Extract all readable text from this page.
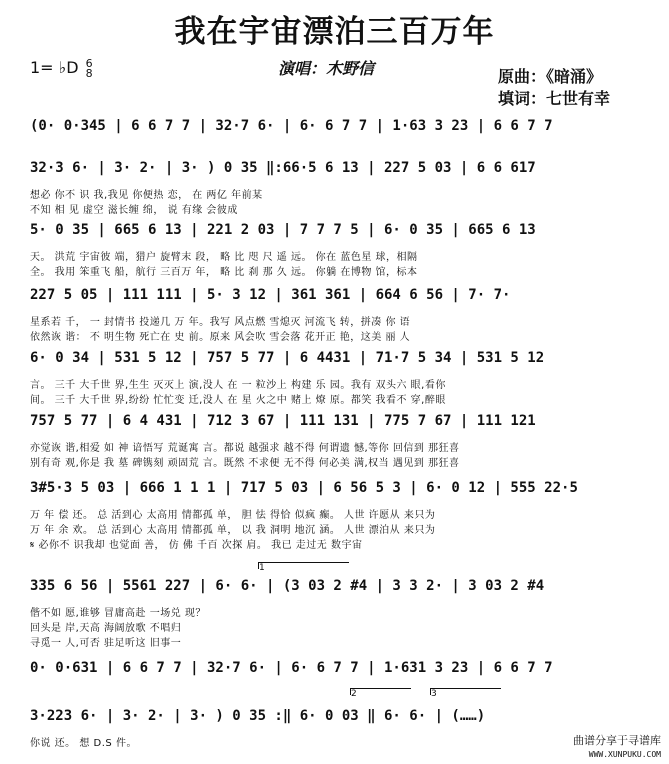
我在宇宙漂泊三百万年
1= ♭D 6
8	演唱：木野信	原曲：《暗涌》
填词：七世有幸
(0· 0·345 | 6 6 7 7 | 32·7 6· | 6· 6 7 7 | 1·63 3 23 | 6 6 7 7
32·3 6· | 3· 2· | 3· ) 0 35 ‖:66·5 6 13 | 227 5 03 | 6 6 617
想必 你不 识 我,我见 你便热 恋， 在 两亿 年前某
不知 相 见 虚空 滋长缠 绵， 说 有缘 会彼成
5· 0 35 | 665 6 13 | 221 2 03 | 7 7 7 5 | 6· 0 35 | 665 6 13
天。 洪荒 宇宙彼 端，猎户 旋臂末 段， 略 比 咫 尺 遥 远。 你在 蓝色星 球，相隔
全。 我用 笨重飞 船，航行 三百万 年， 略 比 刹 那 久 远。 你躺 在博物 馆，标本
227 5 05 | 111 111 | 5· 3 12 | 361 361 | 664 6 56 | 7· 7·
星系若 千， 一 封情书 投递几 万 年。我写 风点燃 雪熄灭 河流飞 转，拼凑 你 语
依然诙 谐： 不 明生物 死亡在 史 前。原来 风会吹 雪会落 花开正 艳，这美 丽 人
6· 0 34 | 531 5 12 | 757 5 77 | 6 4431 | 71·7 5 34 | 531 5 12
言。 三千 大千世 界,生生 灭灭上 演,没人 在 一 粒沙上 构建 乐 园。我有 双头六 眼,看你
间。 三千 大千世 界,纷纷 忙忙变 迁,没人 在 星 火之中 赌上 燎 原。都笑 我看不 穿,醉眼
757 5 77 | 6 4 431 | 712 3 67 | 111 131 | 775 7 67 | 111 121
亦觉诙 谐,相爱 如 神 谙悟写 荒诞寓 言。都说 越强求 越不得 何谓遗 憾,等你 回信到 那狂喜
别有奇 观,你是 我 墓 碑镌刻 顽固荒 言。既然 不求便 无不得 何必美 满,权当 遇见到 那狂喜
3#5·3 5 03 | 666 1 1 1 | 717 5 03 | 6 56 5 3 | 6· 0 12 | 555 22·5
万 年 偿 还。 总 活到心 太高用 情都孤 单， 胆 怯 得恰 似疯 癫。 人世 许愿从 来只为
万 年 余 欢。 总 活到心 太高用 情都孤 单， 以 我 洞明 地沉 涵。 人世 漂泊从 来只为
𝄋 必你不 识我却 也觉面 善， 仿 佛 千百 次探 肩。 我已 走过无 数宇宙
335 6 56 | 5561 227 | 6· 6· | (3 03 2 #4 | 3 3 2· | 3 03 2 #4
偕不如 愿,谁够 冒庸高赴 一场兑 现？
回头是 岸,天高 海阔放歌 不唱归
寻觅一 人,可否 驻足听这 旧事一
0· 0·631 | 6 6 7 7 | 32·7 6· | 6· 6 7 7 | 1·631 3 23 | 6 6 7 7
3·223 6· | 3· 2· | 3· ) 0 35 :‖ 6· 0 03 ‖ 6· 6· | (……)
你说 还。 想 D.S 件。
1
2	3
曲谱分享于寻谱库
WWW.XUNPUKU.COM
